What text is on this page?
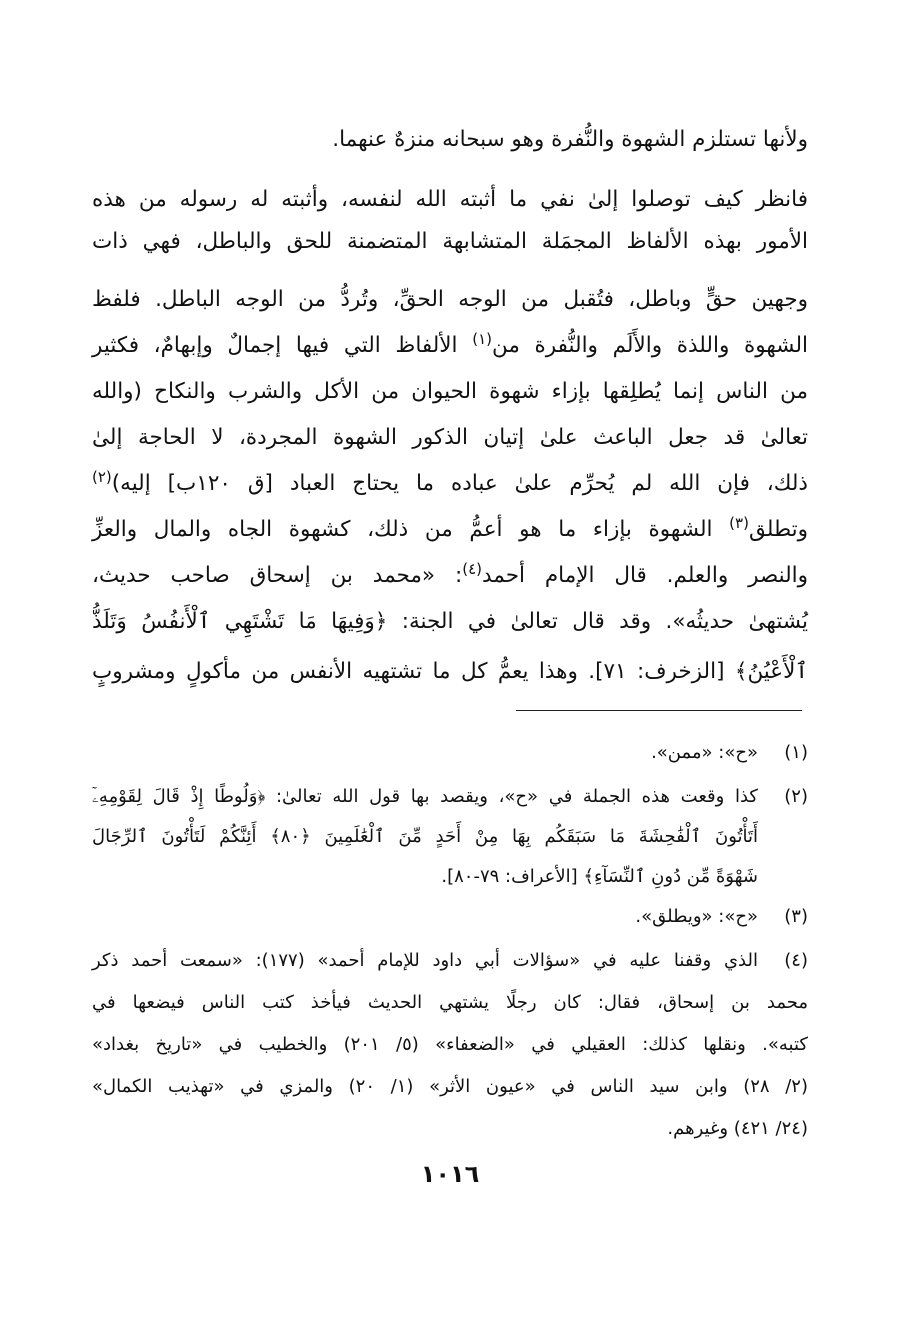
ولأنها تستلزم الشهوة والنُّفرة وهو سبحانه منزهٌ عنهما.
فانظر كيف توصلوا إلىٰ نفي ما أثبته الله لنفسه، وأثبته له رسوله من هذه
الأمور بهذه الألفاظ المجمَلة المتشابهة المتضمنة للحق والباطل، فهي ذات
وجهين حقٍّ وباطل، فتُقبل من الوجه الحقِّ، وتُردُّ من الوجه الباطل. فلفظ
الشهوة واللذة والأَلَم والنُّفرة من$^{(١)}$ الألفاظ التي فيها إجمالٌ وإبهامٌ، فكثير
من الناس إنما يُطلِقها بإزاء شهوة الحيوان من الأكل والشرب والنكاح (والله
تعالىٰ قد جعل الباعث علىٰ إتيان الذكور الشهوة المجردة، لا الحاجة إلىٰ
ذلك، فإن الله لم يُحرِّم علىٰ عباده ما يحتاج العباد [ق ١٢٠ب] إليه)$^{(٢)}$
وتطلق$^{(٣)}$ الشهوة بإزاء ما هو أعمُّ من ذلك، كشهوة الجاه والمال والعزِّ
والنصر والعلم. قال الإمام أحمد$^{(٤)}$: «محمد بن إسحاق صاحب حديث،
يُشتهىٰ حديثُه». وقد قال تعالىٰ في الجنة: ﴿وَفِيهَا مَا تَشْتَهِي ٱلْأَنفُسُ وَتَلَذُّ
ٱلْأَعْيُنُ﴾ [الزخرف: ٧١]. وهذا يعمُّ كل ما تشتهيه الأنفس من مأكولٍ ومشروبٍ
(١)
«ح»: «ممن».
(٢)
كذا وقعت هذه الجملة في «ح»، ويقصد بها قول الله تعالىٰ: ﴿وَلُوطًا إِذْ قَالَ لِقَوْمِهِۦٓ
أَتَأْتُونَ ٱلْفَٰحِشَةَ مَا سَبَقَكُم بِهَا مِنْ أَحَدٍ مِّنَ ٱلْعَٰلَمِينَ ﴿٨٠﴾ أَئِنَّكُمْ لَتَأْتُونَ ٱلرِّجَالَ
شَهْوَةً مِّن دُونِ ٱلنِّسَآءِ﴾ [الأعراف: ٧٩-٨٠].
(٣)
«ح»: «ويطلق».
(٤)
الذي وقفنا عليه في «سؤالات أبي داود للإمام أحمد» (١٧٧): «سمعت أحمد ذكر
محمد بن إسحاق، فقال: كان رجلًا يشتهي الحديث فيأخذ كتب الناس فيضعها في
كتبه». ونقلها كذلك: العقيلي في «الضعفاء» (٥/ ٢٠١) والخطيب في «تاريخ بغداد»
(٢/ ٢٨) وابن سيد الناس في «عيون الأثر» (١/ ٢٠) والمزي في «تهذيب الكمال»
(٢٤/ ٤٢١) وغيرهم.
١٠١٦
